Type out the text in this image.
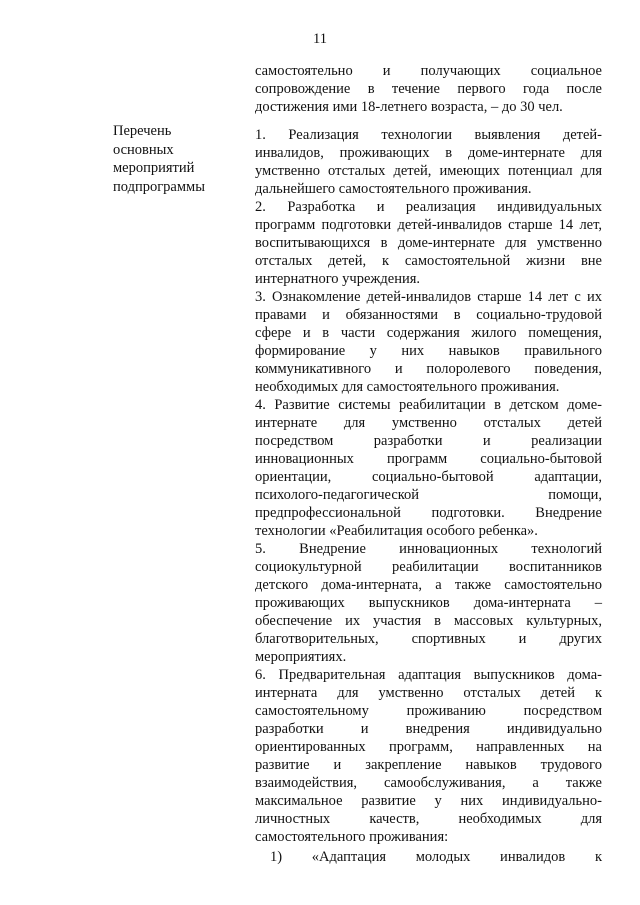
11
Перечень
основных
мероприятий
подпрограммы
самостоятельно и получающих социальное
сопровождение в течение первого года после
достижения ими 18-летнего возраста, – до 30 чел.
1. Реализация технологии выявления детей-
инвалидов, проживающих в доме-интернате для
умственно отсталых детей, имеющих потенциал для
дальнейшего самостоятельного проживания.
2. Разработка и реализация индивидуальных
программ подготовки детей-инвалидов старше 14 лет,
воспитывающихся в доме-интернате для умственно
отсталых детей, к самостоятельной жизни вне
интернатного учреждения.
3. Ознакомление детей-инвалидов старше 14 лет с их
правами и обязанностями в социально-трудовой
сфере и в части содержания жилого помещения,
формирование у них навыков правильного
коммуникативного и полоролевого поведения,
необходимых для самостоятельного проживания.
4. Развитие системы реабилитации в детском доме-
интернате для умственно отсталых детей
посредством разработки и реализации
инновационных программ социально-бытовой
ориентации, социально-бытовой адаптации,
психолого-педагогической помощи,
предпрофессиональной подготовки. Внедрение
технологии «Реабилитация особого ребенка».
5. Внедрение инновационных технологий
социокультурной реабилитации воспитанников
детского дома-интерната, а также самостоятельно
проживающих выпускников дома-интерната –
обеспечение их участия в массовых культурных,
благотворительных, спортивных и других
мероприятиях.
6. Предварительная адаптация выпускников дома-
интерната для умственно отсталых детей к
самостоятельному проживанию посредством
разработки и внедрения индивидуально
ориентированных программ, направленных на
развитие и закрепление навыков трудового
взаимодействия, самообслуживания, а также
максимальное развитие у них индивидуально-
личностных качеств, необходимых для
самостоятельного проживания:
1) «Адаптация молодых инвалидов к
